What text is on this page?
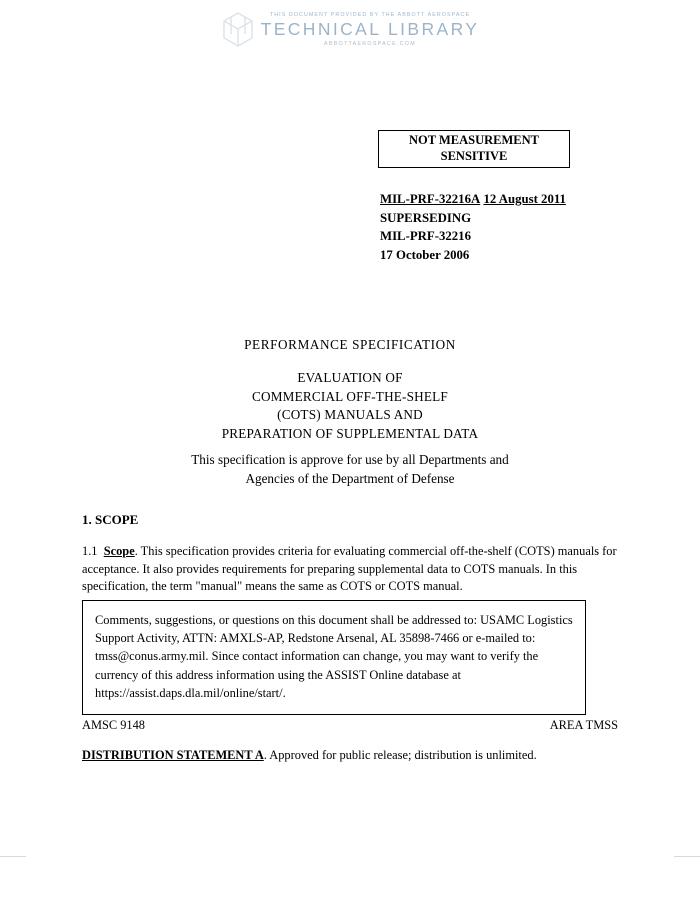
THIS DOCUMENT PROVIDED BY THE ABBOTT AEROSPACE
TECHNICAL LIBRARY
ABBOTTAEROSPACE.COM
NOT MEASUREMENT
SENSITIVE
MIL-PRF-32216A 12 August 2011
SUPERSEDING
MIL-PRF-32216
17 October 2006
PERFORMANCE SPECIFICATION
EVALUATION OF
COMMERCIAL OFF-THE-SHELF
(COTS) MANUALS AND
PREPARATION OF SUPPLEMENTAL DATA
This specification is approve for use by all Departments and
Agencies of the Department of Defense
1. SCOPE
1.1 Scope. This specification provides criteria for evaluating commercial off-the-shelf (COTS) manuals for acceptance. It also provides requirements for preparing supplemental data to COTS manuals. In this specification, the term "manual" means the same as COTS or COTS manual.
Comments, suggestions, or questions on this document shall be addressed to: USAMC Logistics Support Activity, ATTN: AMXLS-AP, Redstone Arsenal, AL 35898-7466 or e-mailed to: tmss@conus.army.mil. Since contact information can change, you may want to verify the currency of this address information using the ASSIST Online database at https://assist.daps.dla.mil/online/start/.
AMSC 9148	AREA TMSS
DISTRIBUTION STATEMENT A. Approved for public release; distribution is unlimited.
